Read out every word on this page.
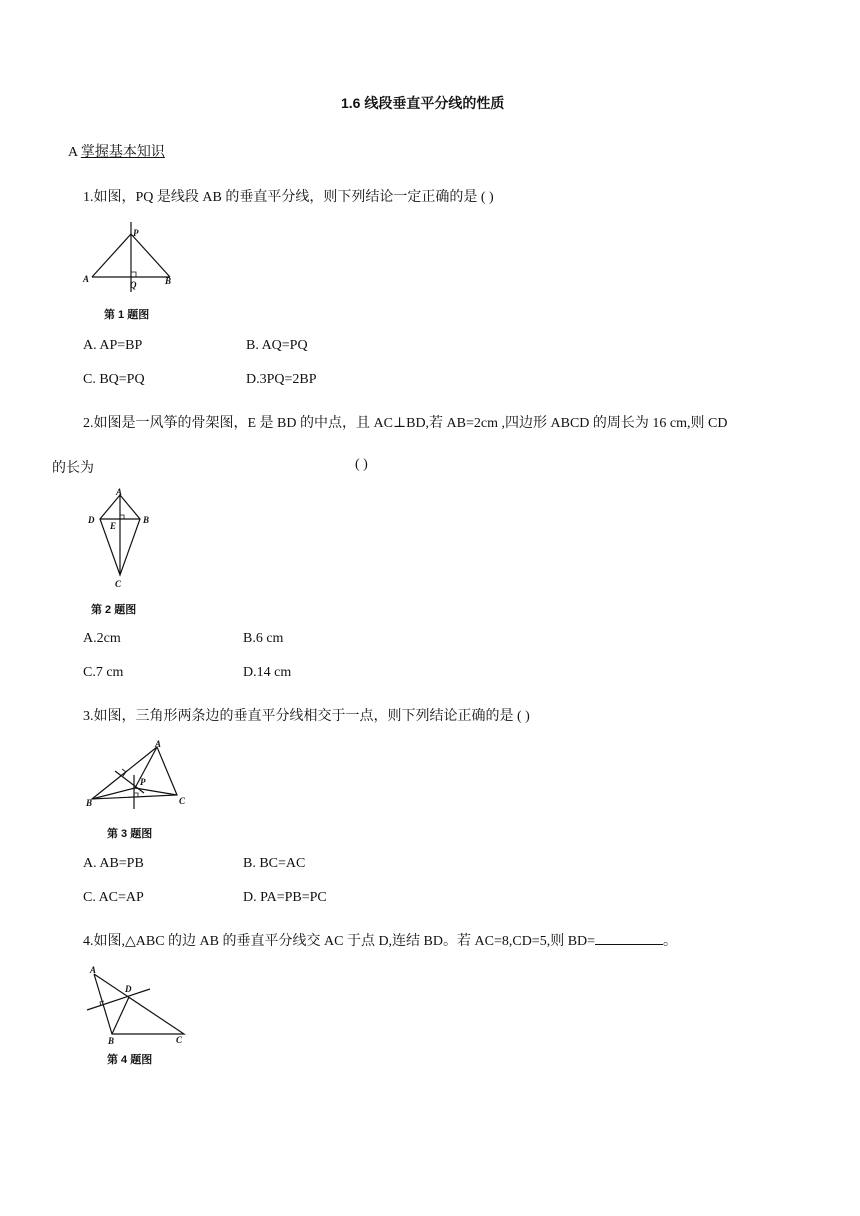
1.6 线段垂直平分线的性质
A 掌握基本知识
1.如图，PQ 是线段 AB 的垂直平分线，则下列结论一定正确的是 ( )
P
A
Q	B
第 1 题图
A. AP=BP	B. AQ=PQ
C. BQ=PQ	D.3PQ=2BP
2.如图是一风筝的骨架图，E 是 BD 的中点，且 AC⊥BD,若 AB=2cm ,四边形 ABCD 的周长为 16 cm,则 CD
的长为	( )
A
D
E
B
C
第 2 题图
A.2cm	B.6 cm
C.7 cm	D.14 cm
3.如图，三角形两条边的垂直平分线相交于一点，则下列结论正确的是 ( )
A
P
B	C
第 3 题图
A. AB=PB	B. BC=AC
C. AC=AP	D. PA=PB=PC
4.如图,△ABC 的边 AB 的垂直平分线交 AC 于点 D,连结 BD。若 AC=8,CD=5,则 BD=	。
A
D
B	C
第 4 题图
